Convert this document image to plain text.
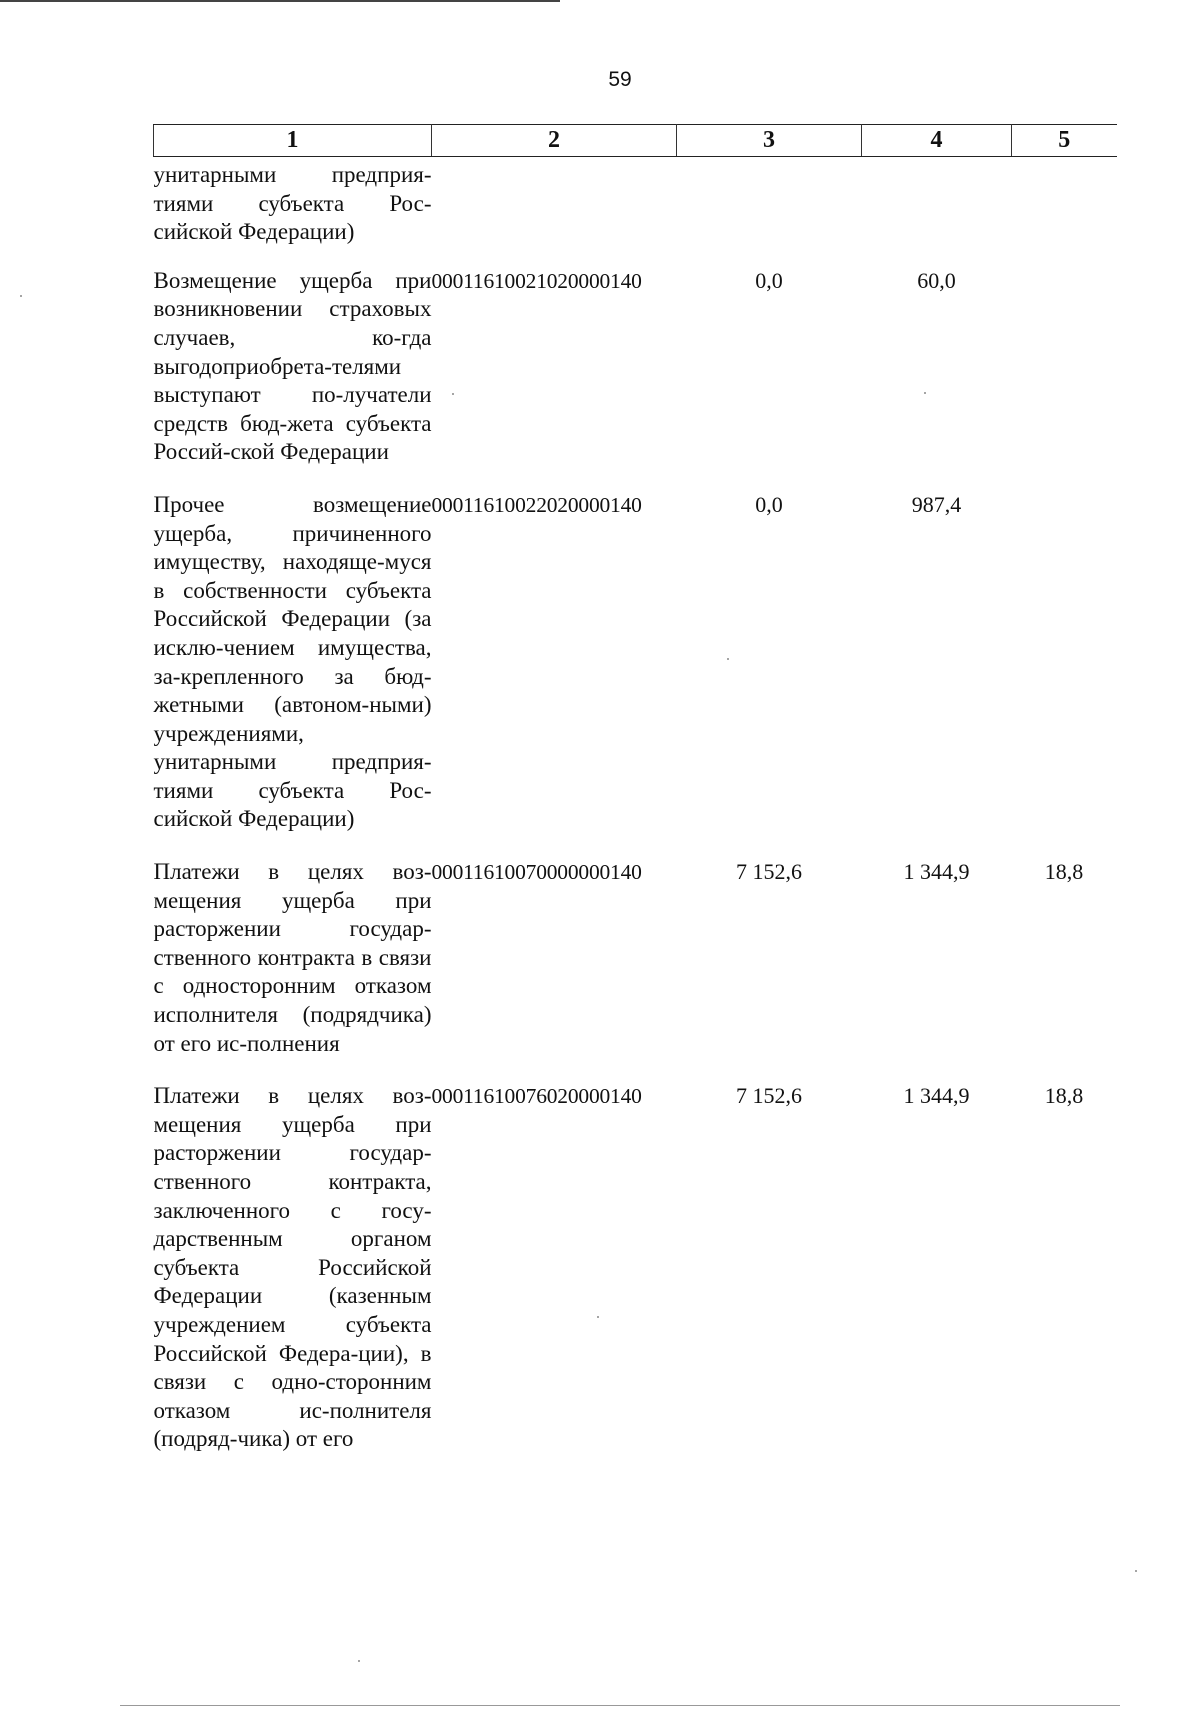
59
1	2	3	4	5
унитарными предприя-тиями субъекта Рос-сийской Федерации)				
Возмещение ущерба при возникновении страховых случаев, ко-гда выгодоприобрета-телями выступают по-лучатели средств бюд-жета субъекта Россий-ской Федерации	00011610021020000140	0,0	60,0	
Прочее возмещение ущерба, причиненного имуществу, находяще-муся в собственности субъекта Российской Федерации (за исклю-чением имущества, за-крепленного за бюд-жетными (автоном-ными) учреждениями, унитарными предприя-тиями субъекта Рос-сийской Федерации)	00011610022020000140	0,0	987,4	
Платежи в целях воз-мещения ущерба при расторжении государ-ственного контракта в связи с односторонним отказом исполнителя (подрядчика) от его ис-полнения	00011610070000000140	7 152,6	1 344,9	18,8
Платежи в целях воз-мещения ущерба при расторжении государ-ственного контракта, заключенного с госу-дарственным органом субъекта Российской Федерации (казенным учреждением субъекта Российской Федера-ции), в связи с одно-сторонним отказом ис-полнителя (подряд-чика) от его	00011610076020000140	7 152,6	1 344,9	18,8
